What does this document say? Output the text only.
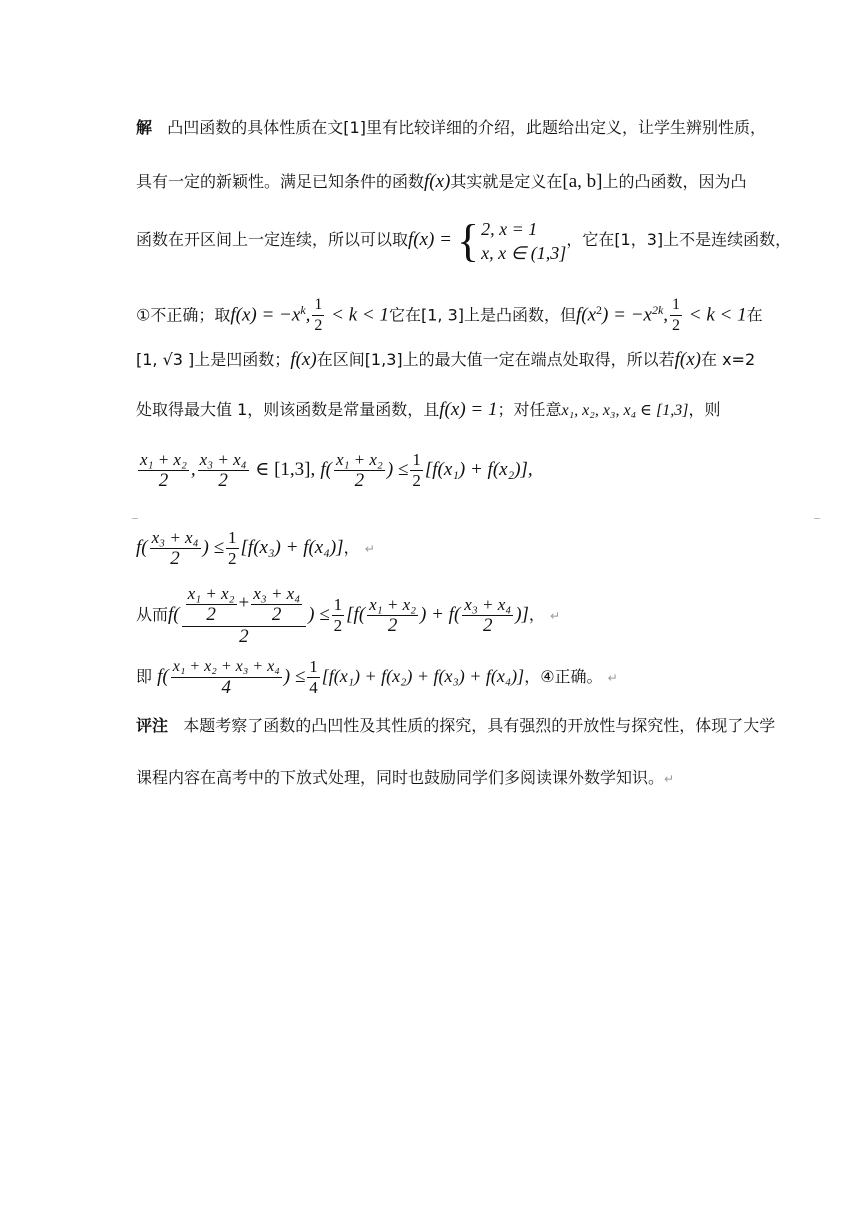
解 凸凹函数的具体性质在文[1]里有比较详细的介绍，此题给出定义，让学生辨别性质，
具有一定的新颖性。满足已知条件的函数f(x)其实就是定义在[a, b]上的凸函数，因为凸
函数在开区间上一定连续，所以可以取f(x) = { 2, x = 1
x, x ∈ (1,3]
，它在[1，3]上不是连续函数，
①不正确；取$f(x) = -x^k$, $\frac{1}{2} < k < 1$它在[1, 3]上是凸函数，但$f(x^2) = -x^{2k}$, $\frac{1}{2} < k < 1$在
[1, √3 ]上是凹函数；f(x)在区间[1,3]上的最大值一定在端点处取得，所以若f(x)在 x=2
处取得最大值 1，则该函数是常量函数，且f(x) = 1；对任意x₁, x₂, x₃, x₄ ∈ [1,3]，则
$\frac{\text{x₁ + x₂}}{2}$ , $\frac{\text{x₃ + x₄}}{2}$ ∈ [1,3], $f( \frac{\text{x₁ + x₂}}{2}$ ) ≤ $\frac{1}{2} [f(x_1) + f(x_2)]$,
$f( \frac{\text{x₃ + x₄}}{2}$ ) ≤ $\frac{1}{2} [f(x_3) + f(x_4)]$， ↵
从而$f( \frac{\frac{\text{x₁ + x₂}}{2} + \frac{\text{x₃ + x₄}}{2}}{2}$ ) ≤ $\frac{1}{2} [f( \frac{\text{x₁ + x₂}}{2}$ ) + $f( \frac{\text{x₃ + x₄}}{2}$ )]， ↵
即 $f( \frac{\text{x₁ + x₂ + x₃ + x₄}}{4}$ ) ≤ $\frac{1}{4} [f(x_1) + f(x_2) + f(x_3) + f(x_4)]$，④正确。 ↵
评注 本题考察了函数的凸凹性及其性质的探究，具有强烈的开放性与探究性，体现了大学
课程内容在高考中的下放式处理，同时也鼓励同学们多阅读课外数学知识。↵
